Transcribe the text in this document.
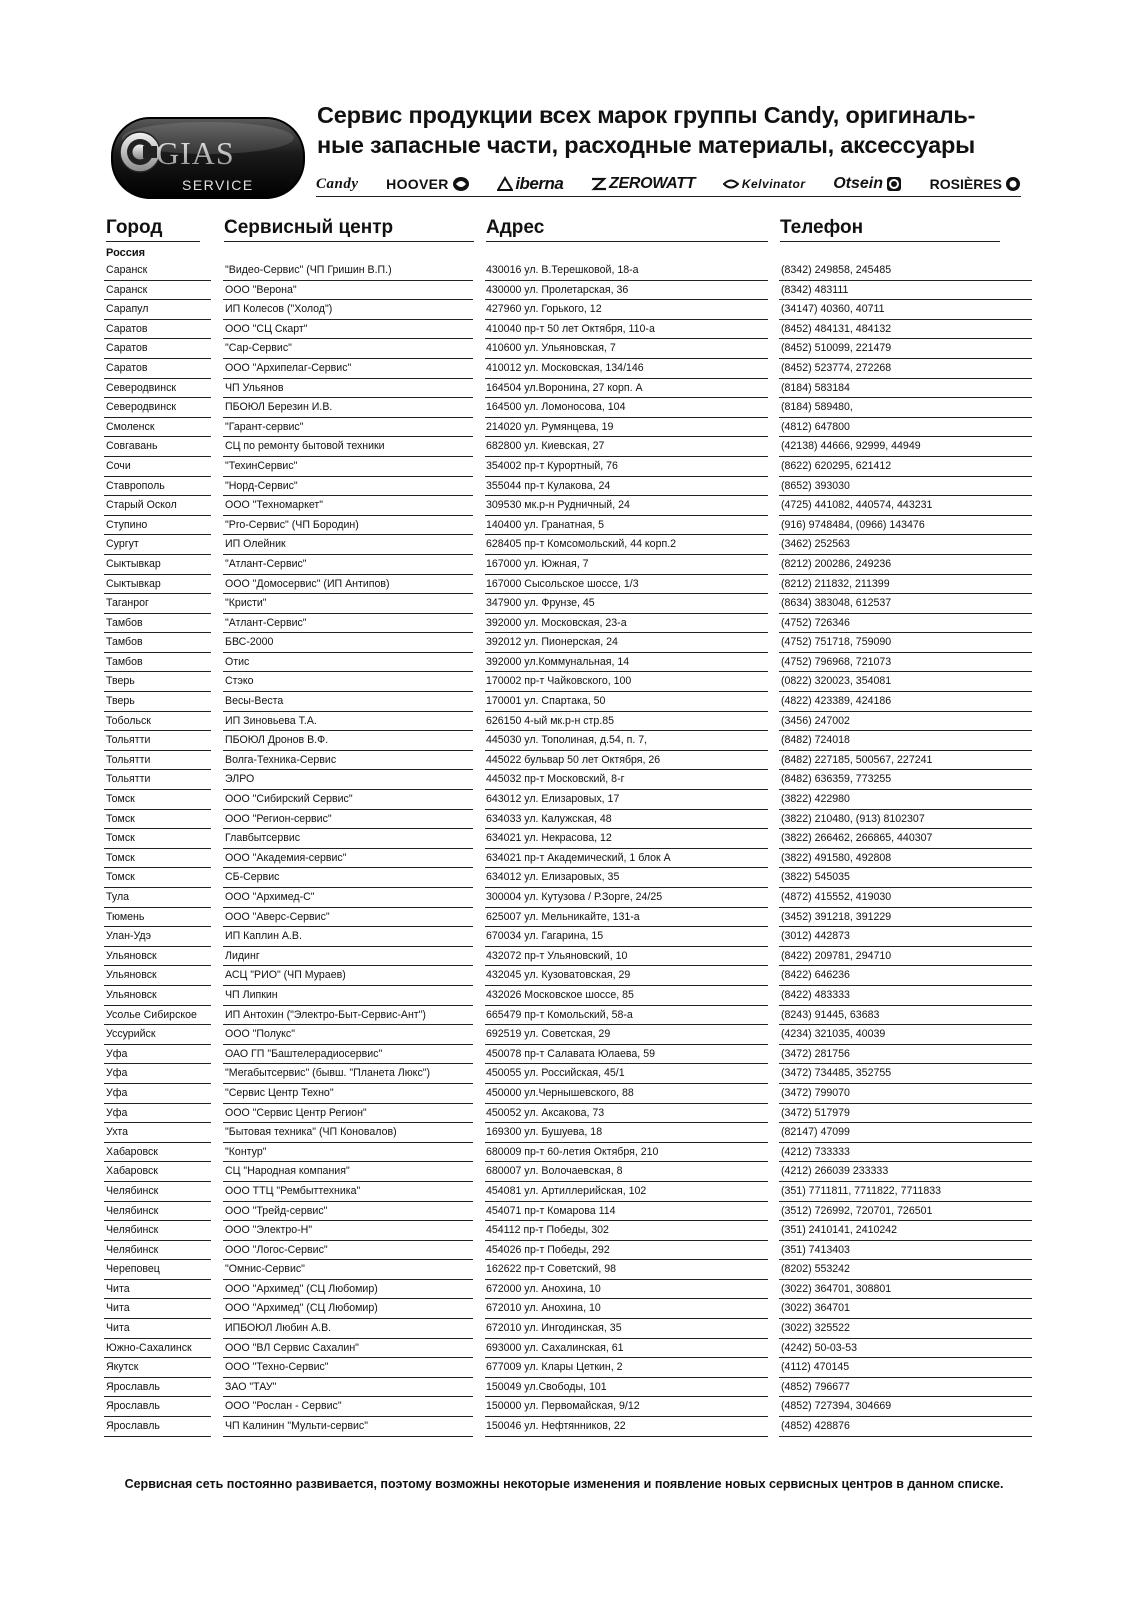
GIAS
SERVICE
Сервис продукции всех марок группы Candy, оригиналь-
ные запасные части, расходные материалы, аксессуары
Candy HOOVER	iberna	ZEROWATT	Kelvinator Otsein	ROSIÈRES
Город	Сервисный центр	Адрес	Телефон
Россия
Саранск	"Видео-Сервис" (ЧП Гришин В.П.)	430016 ул. В.Терешковой, 18-а	(8342) 249858, 245485
Саранск	ООО "Верона"	430000 ул. Пролетарская, 36	(8342) 483111
Сарапул	ИП Колесов ("Холод")	427960 ул. Горького, 12	(34147) 40360, 40711
Саратов	ООО "СЦ Скарт"	410040 пр-т 50 лет Октября, 110-а	(8452) 484131, 484132
Саратов	"Сар-Сервис"	410600 ул. Ульяновская, 7	(8452) 510099, 221479
Саратов	ООО "Архипелаг-Сервис"	410012 ул. Московская, 134/146	(8452) 523774, 272268
Северодвинск	ЧП Ульянов	164504 ул.Воронина, 27 корп. А	(8184) 583184
Северодвинск	ПБОЮЛ Березин И.В.	164500 ул. Ломоносова, 104	(8184) 589480,
Смоленск	"Гарант-сервис"	214020 ул. Румянцева, 19	(4812) 647800
Совгавань	СЦ по ремонту бытовой техники	682800 ул. Киевская, 27	(42138) 44666, 92999, 44949
Сочи	"ТехинСервис"	354002 пр-т Курортный, 76	(8622) 620295, 621412
Ставрополь	"Норд-Сервис"	355044 пр-т Кулакова, 24	(8652) 393030
Старый Оскол	ООО "Техномаркет"	309530 мк.р-н Рудничный, 24	(4725) 441082, 440574, 443231
Ступино	"Pro-Сервис" (ЧП Бородин)	140400 ул. Гранатная, 5	(916) 9748484, (0966) 143476
Сургут	ИП Олейник	628405 пр-т Комсомольский, 44 корп.2	(3462) 252563
Сыктывкар	"Атлант-Сервис"	167000 ул. Южная, 7	(8212) 200286, 249236
Сыктывкар	ООО "Домосервис" (ИП Антипов)	167000 Сысольское шоссе, 1/3	(8212) 211832, 211399
Таганрог	"Кристи"	347900 ул. Фрунзе, 45	(8634) 383048, 612537
Тамбов	"Атлант-Сервис"	392000 ул. Московская, 23-а	(4752) 726346
Тамбов	БВС-2000	392012 ул. Пионерская, 24	(4752) 751718, 759090
Тамбов	Отис	392000 ул.Коммунальная, 14	(4752) 796968, 721073
Тверь	Стэко	170002 пр-т Чайковского, 100	(0822) 320023, 354081
Тверь	Весы-Веста	170001 ул. Спартака, 50	(4822) 423389, 424186
Тобольск	ИП Зиновьева Т.А.	626150 4-ый мк.р-н стр.85	(3456) 247002
Тольятти	ПБОЮЛ Дронов В.Ф.	445030 ул. Тополиная, д.54, п. 7,	(8482) 724018
Тольятти	Волга-Техника-Сервис	445022 бульвар 50 лет Октября, 26	(8482) 227185, 500567, 227241
Тольятти	ЭЛРО	445032 пр-т Московский, 8-г	(8482) 636359, 773255
Томск	ООО "Сибирский Сервис"	643012 ул. Елизаровых, 17	(3822) 422980
Томск	ООО "Регион-сервис"	634033 ул. Калужская, 48	(3822) 210480, (913) 8102307
Томск	Главбытсервис	634021 ул. Некрасова, 12	(3822) 266462, 266865, 440307
Томск	ООО "Академия-сервис"	634021 пр-т Академический, 1 блок А	(3822) 491580, 492808
Томск	СБ-Сервис	634012 ул. Елизаровых, 35	(3822) 545035
Тула	ООО "Архимед-С"	300004 ул. Кутузова / Р.Зорге, 24/25	(4872) 415552, 419030
Тюмень	ООО "Аверс-Сервис"	625007 ул. Мельникайте, 131-а	(3452) 391218, 391229
Улан-Удэ	ИП Каплин А.В.	670034 ул. Гагарина, 15	(3012) 442873
Ульяновск	Лидинг	432072 пр-т Ульяновский, 10	(8422) 209781, 294710
Ульяновск	АСЦ "РИО" (ЧП Мураев)	432045 ул. Кузоватовская, 29	(8422) 646236
Ульяновск	ЧП Липкин	432026 Московское шоссе, 85	(8422) 483333
Усолье Сибирское	ИП Антохин ("Электро-Быт-Сервис-Ант")	665479 пр-т Комольский, 58-а	(8243) 91445, 63683
Уссурийск	ООО "Полукс"	692519 ул. Советская, 29	(4234) 321035, 40039
Уфа	ОАО ГП "Баштелерадиосервис"	450078 пр-т Салавата Юлаева, 59	(3472) 281756
Уфа	"Мегабытсервис" (бывш. "Планета Люкс")	450055 ул. Российская, 45/1	(3472) 734485, 352755
Уфа	"Сервис Центр Техно"	450000 ул.Чернышевского, 88	(3472) 799070
Уфа	ООО "Сервис Центр Регион"	450052 ул. Аксакова, 73	(3472) 517979
Ухта	"Бытовая техника" (ЧП Коновалов)	169300 ул. Бушуева, 18	(82147) 47099
Хабаровск	"Контур"	680009 пр-т 60-летия Октября, 210	(4212) 733333
Хабаровск	СЦ "Народная компания"	680007 ул. Волочаевская, 8	(4212) 266039 233333
Челябинск	ООО ТТЦ "Рембыттехника"	454081 ул. Артиллерийская, 102	(351) 7711811, 7711822, 7711833
Челябинск	ООО "Трейд-сервис"	454071 пр-т Комарова 114	(3512) 726992, 720701, 726501
Челябинск	ООО "Электро-Н"	454112 пр-т Победы, 302	(351) 2410141, 2410242
Челябинск	ООО "Логос-Сервис"	454026 пр-т Победы, 292	(351) 7413403
Череповец	"Омнис-Сервис"	162622 пр-т Советский, 98	(8202) 553242
Чита	ООО "Архимед" (СЦ Любомир)	672000 ул. Анохина, 10	(3022) 364701, 308801
Чита	ООО "Архимед" (СЦ Любомир)	672010 ул. Анохина, 10	(3022) 364701
Чита	ИПБОЮЛ Любин А.В.	672010 ул. Ингодинская, 35	(3022) 325522
Южно-Сахалинск	ООО "ВЛ Сервис Сахалин"	693000 ул. Сахалинская, 61	(4242) 50-03-53
Якутск	ООО "Техно-Сервис"	677009 ул. Клары Цеткин, 2	(4112) 470145
Ярославль	ЗАО "ТАУ"	150049 ул.Свободы, 101	(4852) 796677
Ярославль	ООО "Рослан - Сервис"	150000 ул. Первомайская, 9/12	(4852) 727394, 304669
Ярославль	ЧП Калинин "Мульти-сервис"	150046 ул. Нефтянников, 22	(4852) 428876
Сервисная сеть постоянно развивается, поэтому возможны некоторые изменения и появление новых сервисных центров в данном списке.
